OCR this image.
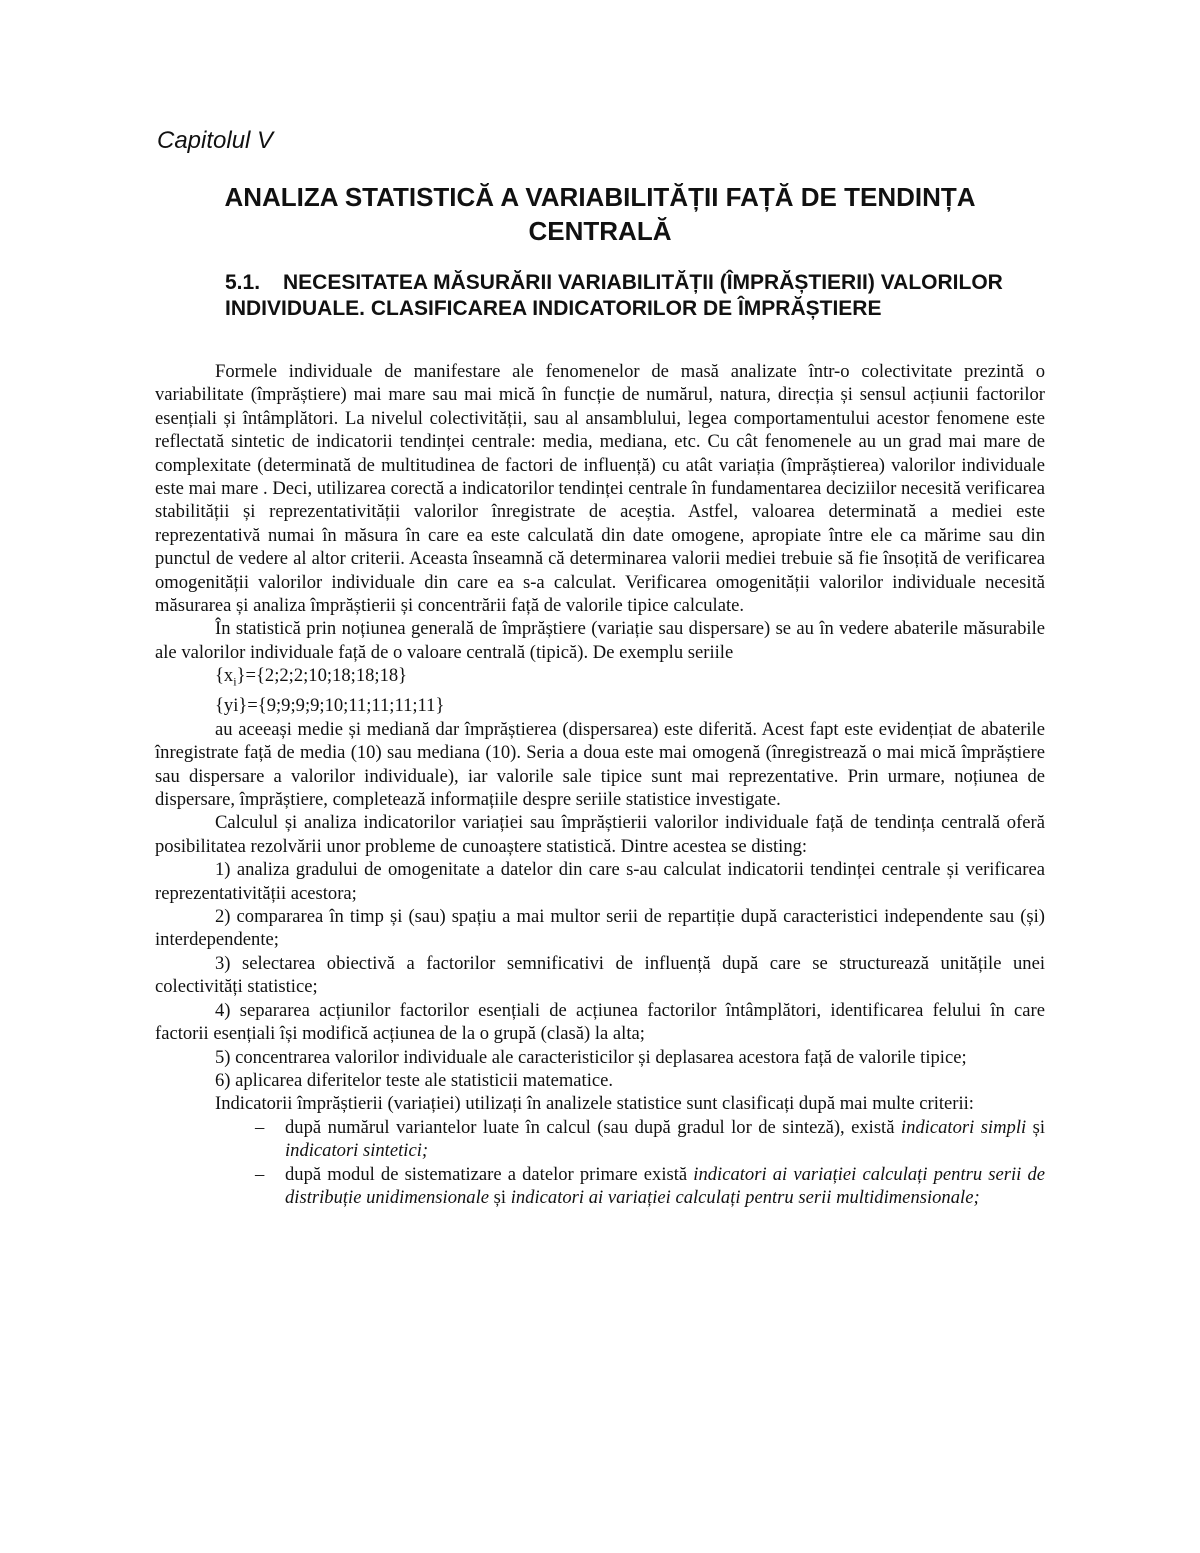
Capitolul V

ANALIZA STATISTICĂ A VARIABILITĂȚII FAȚĂ DE TENDINȚA CENTRALĂ
5.1. NECESITATEA MĂSURĂRII VARIABILITĂȚII (ÎMPRĂȘTIERII) VALORILOR INDIVIDUALE. CLASIFICAREA INDICATORILOR DE ÎMPRĂȘTIERE

Formele individuale de manifestare ale fenomenelor de masă analizate într-o colectivitate prezintă o variabilitate (împrăștiere) mai mare sau mai mică în funcție de numărul, natura, direcția și sensul acțiunii factorilor esențiali și întâmplători. La nivelul colectivității, sau al ansamblului, legea comportamentului acestor fenomene este reflectată sintetic de indicatorii tendinței centrale: media, mediana, etc. Cu cât fenomenele au un grad mai mare de complexitate (determinată de multitudinea de factori de influență) cu atât variația (împrăștierea) valorilor individuale este mai mare . Deci, utilizarea corectă a indicatorilor tendinței centrale în fundamentarea deciziilor necesită verificarea stabilității și reprezentativității valorilor înregistrate de aceștia. Astfel, valoarea determinată a mediei este reprezentativă numai în măsura în care ea este calculată din date omogene, apropiate între ele ca mărime sau din punctul de vedere al altor criterii. Aceasta înseamnă că determinarea valorii mediei trebuie să fie însoțită de verificarea omogenității valorilor individuale din care ea s-a calculat. Verificarea omogenității valorilor individuale necesită măsurarea și analiza împrăștierii și concentrării față de valorile tipice calculate.

În statistică prin noțiunea generală de împrăștiere (variație sau dispersare) se au în vedere abaterile măsurabile ale valorilor individuale față de o valoare centrală (tipică). De exemplu seriile

$\{x_i\}=\{2;2;2;10;18;18;18\}$

{yi}={9;9;9;9;10;11;11;11;11}

au aceeași medie și mediană dar împrăștierea (dispersarea) este diferită. Acest fapt este evidențiat de abaterile înregistrate față de media (10) sau mediana (10). Seria a doua este mai omogenă (înregistrează o mai mică împrăștiere sau dispersare a valorilor individuale), iar valorile sale tipice sunt mai reprezentative. Prin urmare, noțiunea de dispersare, împrăștiere, completează informațiile despre seriile statistice investigate.

Calculul și analiza indicatorilor variației sau împrăștierii valorilor individuale față de tendința centrală oferă posibilitatea rezolvării unor probleme de cunoaștere statistică. Dintre acestea se disting:

1) analiza gradului de omogenitate a datelor din care s-au calculat indicatorii tendinței centrale și verificarea reprezentativității acestora;

2) compararea în timp și (sau) spațiu a mai multor serii de repartiție după caracteristici independente sau (și) interdependente;

3) selectarea obiectivă a factorilor semnificativi de influență după care se structurează unitățile unei colectivități statistice;

4) separarea acțiunilor factorilor esențiali de acțiunea factorilor întâmplători, identificarea felului în care factorii esențiali își modifică acțiunea de la o grupă (clasă) la alta;

5) concentrarea valorilor individuale ale caracteristicilor și deplasarea acestora față de valorile tipice;

6) aplicarea diferitelor teste ale statisticii matematice.

Indicatorii împrăștierii (variației) utilizați în analizele statistice sunt clasificați după mai multe criterii:

– după numărul variantelor luate în calcul (sau după gradul lor de sinteză), există indicatori simpli și indicatori sintetici;
– după modul de sistematizare a datelor primare există indicatori ai variației calculați pentru serii de distribuție unidimensionale și indicatori ai variației calculați pentru serii multidimensionale;
